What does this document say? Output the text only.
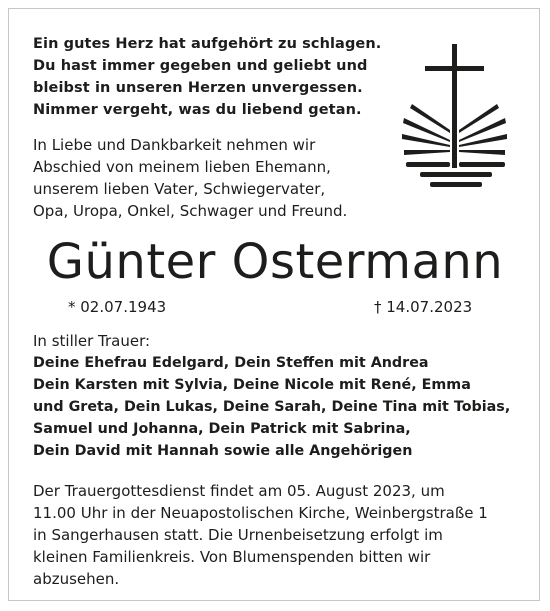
Ein gutes Herz hat aufgehört zu schlagen.
Du hast immer gegeben und geliebt und
bleibst in unseren Herzen unvergessen.
Nimmer vergeht, was du liebend getan.
In Liebe und Dankbarkeit nehmen wir
Abschied von meinem lieben Ehemann,
unserem lieben Vater, Schwiegervater,
Opa, Uropa, Onkel, Schwager und Freund.
Günter Ostermann
* 02.07.1943	† 14.07.2023
In stiller Trauer:
Deine Ehefrau Edelgard, Dein Steffen mit Andrea
Dein Karsten mit Sylvia, Deine Nicole mit René, Emma
und Greta, Dein Lukas, Deine Sarah, Deine Tina mit Tobias,
Samuel und Johanna, Dein Patrick mit Sabrina,
Dein David mit Hannah sowie alle Angehörigen
Der Trauergottesdienst findet am 05. August 2023, um
11.00 Uhr in der Neuapostolischen Kirche, Weinbergstraße 1
in Sangerhausen statt. Die Urnenbeisetzung erfolgt im
kleinen Familienkreis. Von Blumenspenden bitten wir
abzusehen.
